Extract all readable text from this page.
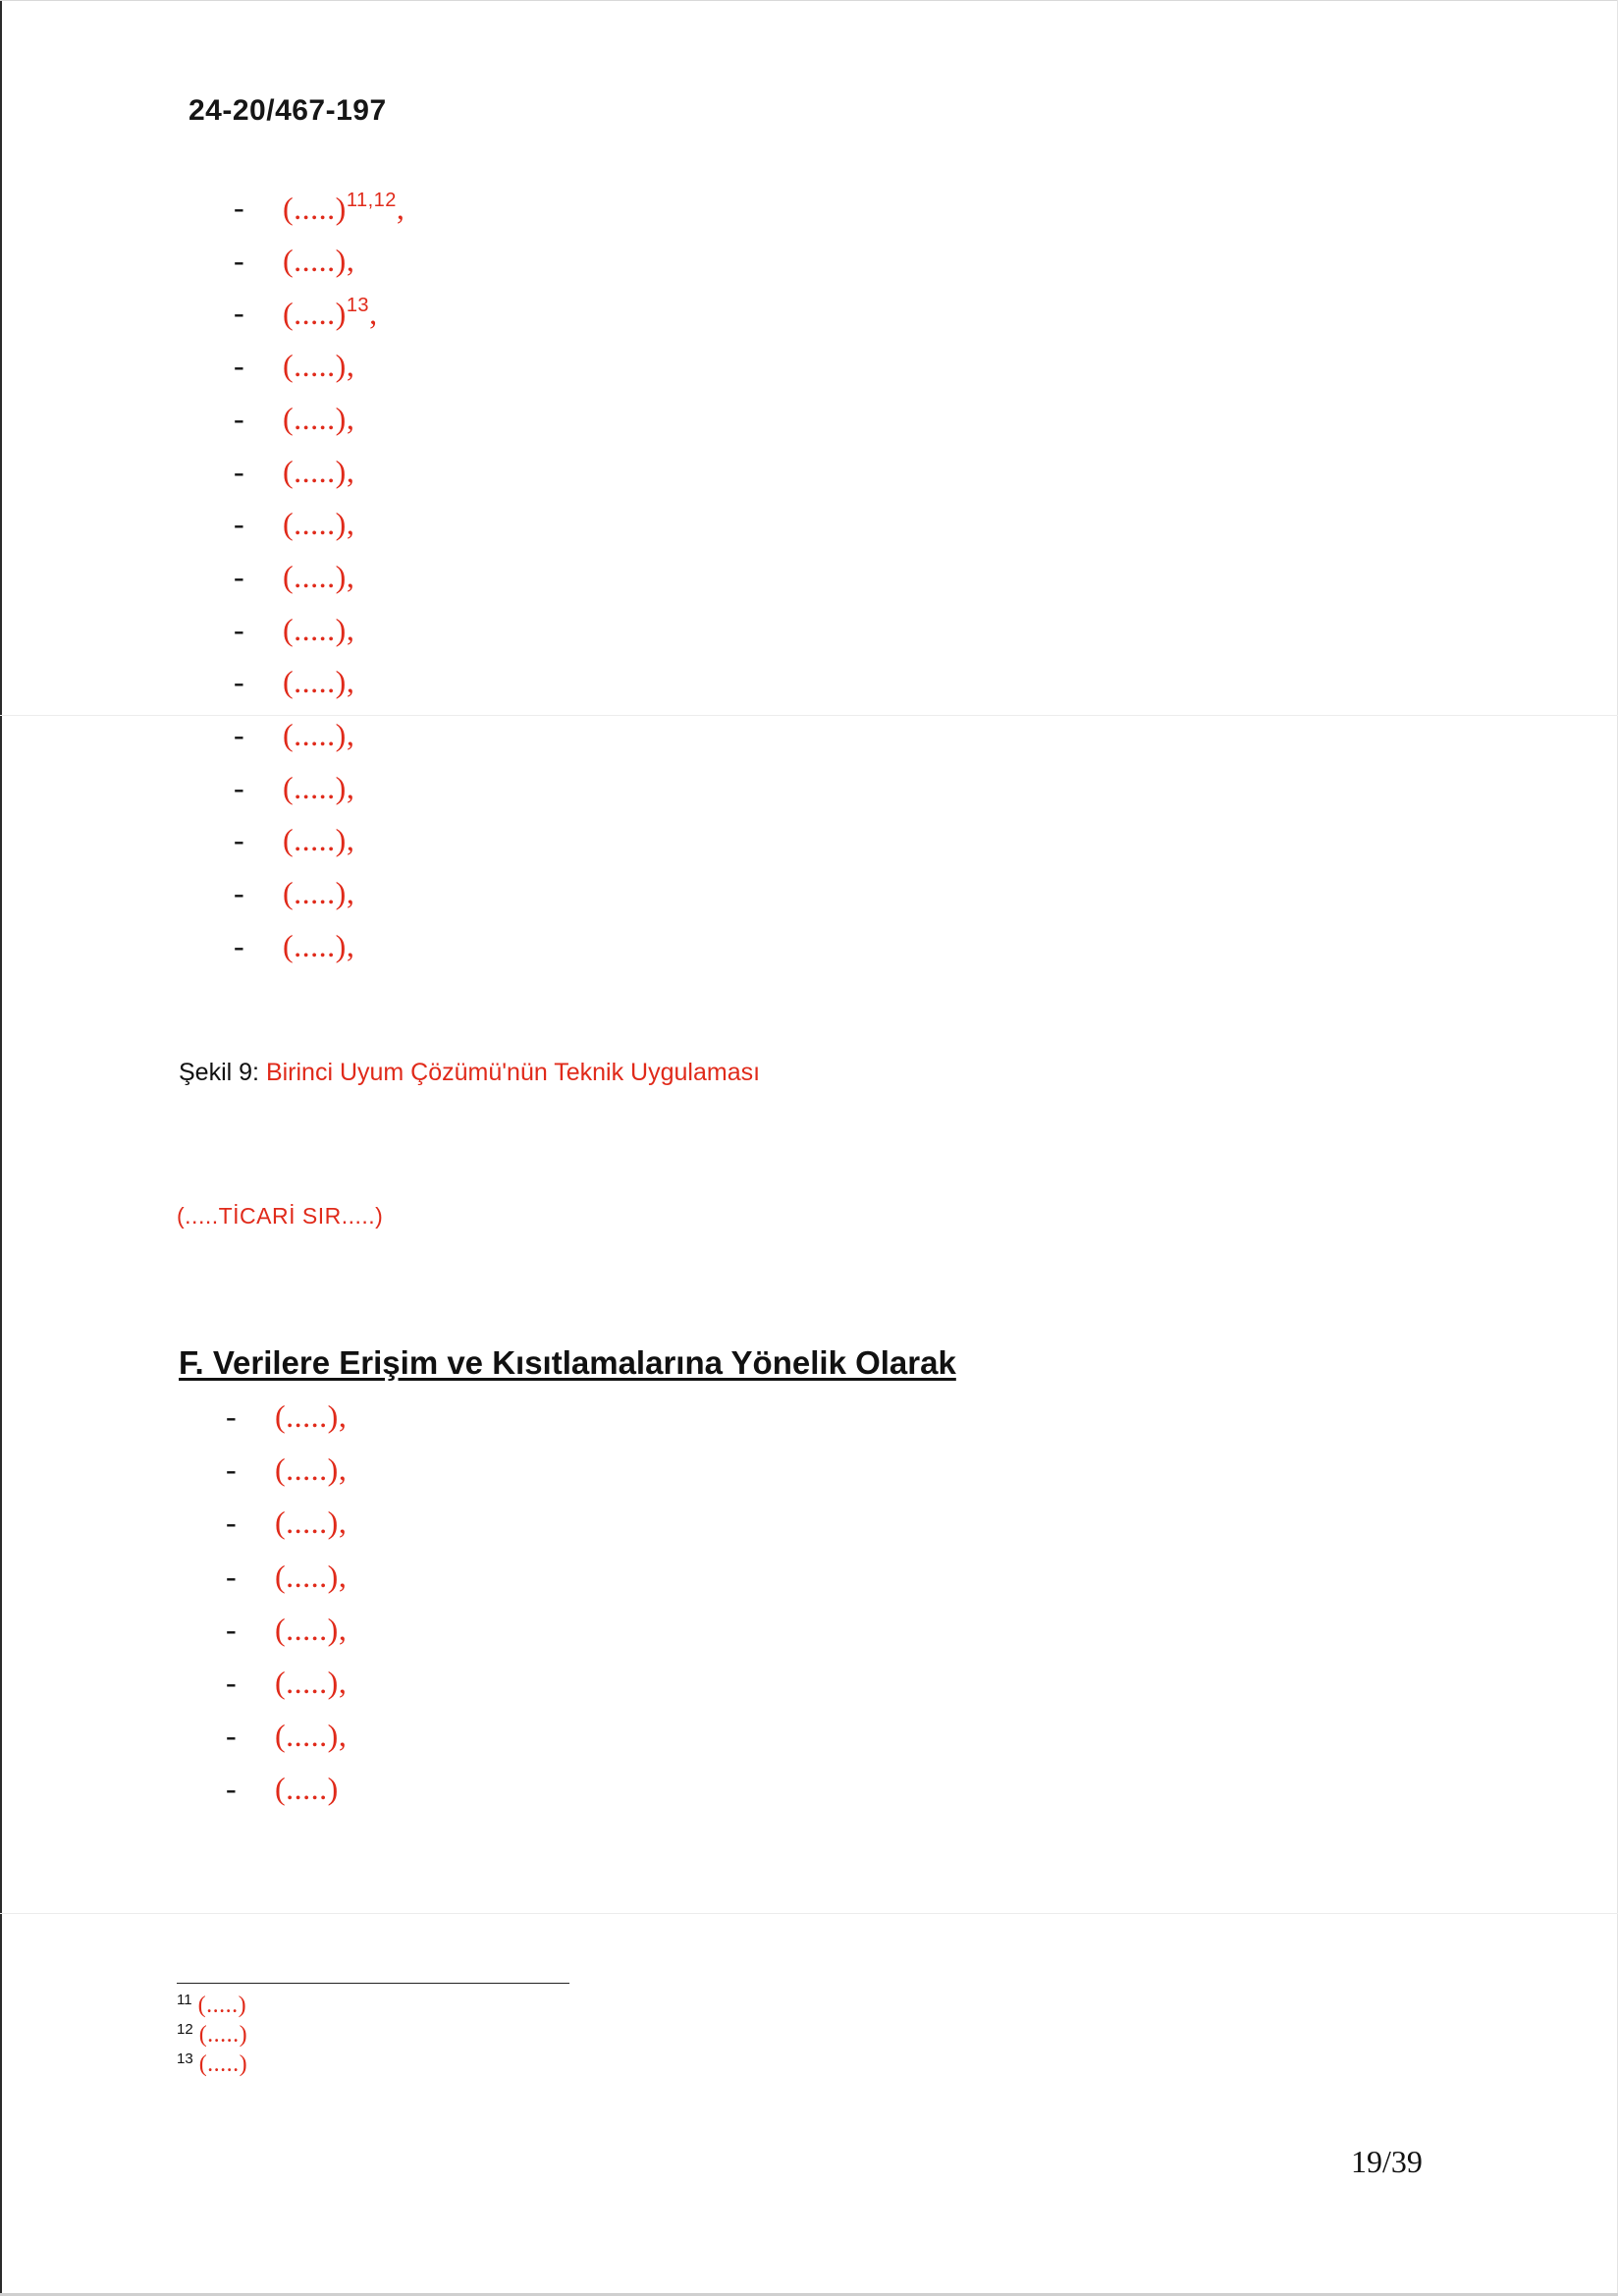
24-20/467-197
- (.....)$^{11,12}$,
- (.....),
- (.....)$^{13}$,
- (.....),
- (.....),
- (.....),
- (.....),
- (.....),
- (.....),
- (.....),
- (.....),
- (.....),
- (.....),
- (.....),
- (.....),
Şekil 9: Birinci Uyum Çözümü'nün Teknik Uygulaması
(.....TİCARİ SIR.....)
F. Verilere Erişim ve Kısıtlamalarına Yönelik Olarak
- (.....),
- (.....),
- (.....),
- (.....),
- (.....),
- (.....),
- (.....),
- (.....)
11 (.....)
12 (.....)
13 (.....)
19/39
